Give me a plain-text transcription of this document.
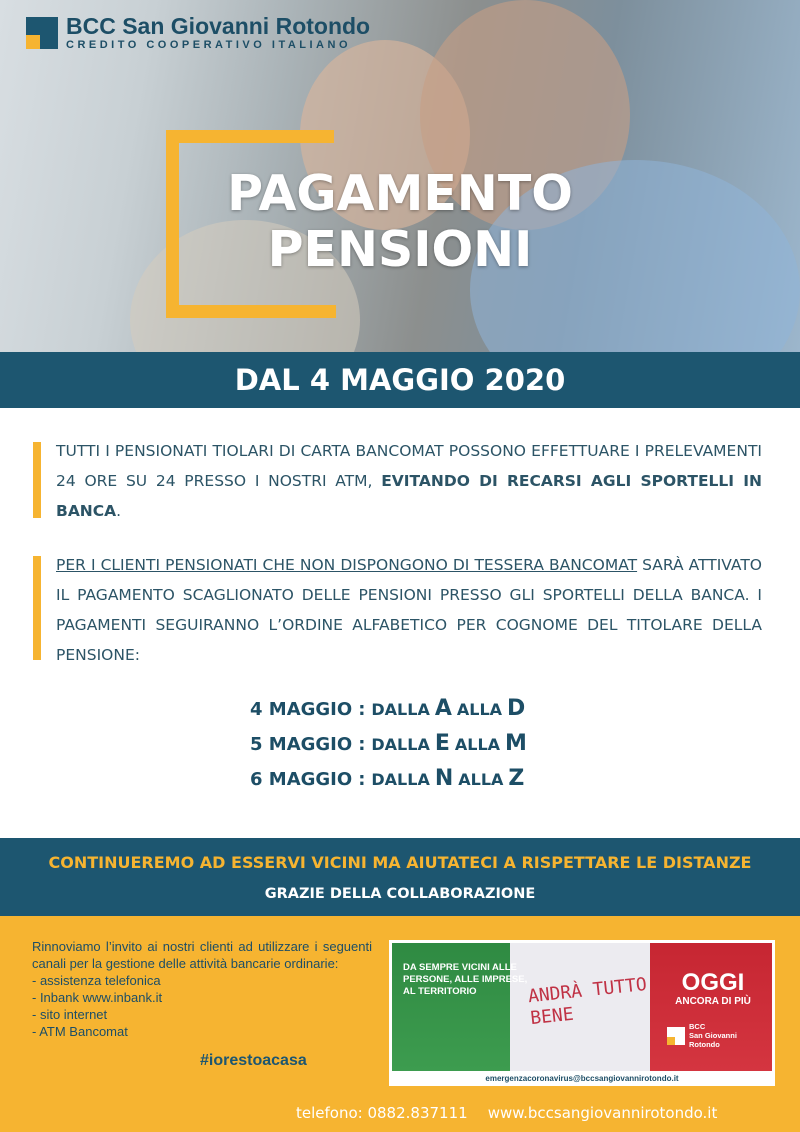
BCC San Giovanni Rotondo
CREDITO COOPERATIVO ITALIANO
PAGAMENTO
PENSIONI
DAL 4 MAGGIO 2020
TUTTI I PENSIONATI TIOLARI DI CARTA BANCOMAT POSSONO EFFETTUARE I PRELEVAMENTI 24 ORE SU 24 PRESSO I NOSTRI ATM, EVITANDO DI RECARSI AGLI SPORTELLI IN BANCA.
PER I CLIENTI PENSIONATI CHE NON DISPONGONO DI TESSERA BANCOMAT SARÀ ATTIVATO IL PAGAMENTO SCAGLIONATO DELLE PENSIONI PRESSO GLI SPORTELLI DELLA BANCA. I PAGAMENTI SEGUIRANNO L’ORDINE ALFABETICO PER COGNOME DEL TITOLARE DELLA PENSIONE:
4 MAGGIO : DALLA A ALLA D
5 MAGGIO : DALLA E ALLA M
6 MAGGIO : DALLA N ALLA Z
CONTINUEREMO AD ESSERVI VICINI MA AIUTATECI A RISPETTARE LE DISTANZE
GRAZIE DELLA COLLABORAZIONE
Rinnoviamo l’invito ai nostri clienti ad utilizzare i seguenti canali per la gestione delle attività bancarie ordinarie:
- assistenza telefonica
- Inbank www.inbank.it
- sito internet
- ATM Bancomat
#iorestoacasa
DA SEMPRE VICINI ALLE PERSONE, ALLE IMPRESE, AL TERRITORIO	ANDRÀ TUTTO BENE
OGGI
ANCORA DI PIÙ
BCC
San Giovanni
Rotondo
emergenzacoronavirus@bccsangiovannirotondo.it
telefono: 0882.837111 www.bccsangiovannirotondo.it
